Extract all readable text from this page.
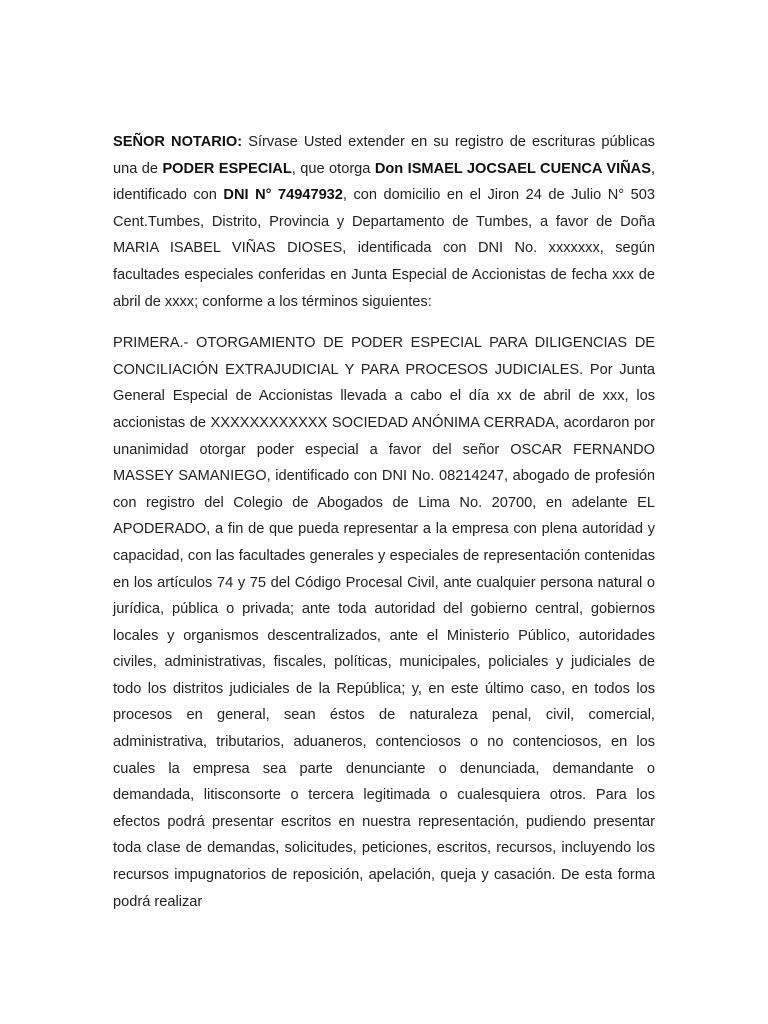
SEÑOR NOTARIO: Sírvase Usted extender en su registro de escrituras públicas una de PODER ESPECIAL, que otorga Don ISMAEL JOCSAEL CUENCA VIÑAS, identificado con DNI N° 74947932, con domicilio en el Jiron 24 de Julio N° 503 Cent.Tumbes, Distrito, Provincia y Departamento de Tumbes, a favor de Doña MARIA ISABEL VIÑAS DIOSES, identificada con DNI No. xxxxxxx, según facultades especiales conferidas en Junta Especial de Accionistas de fecha xxx de abril de xxxx; conforme a los términos siguientes:

PRIMERA.- OTORGAMIENTO DE PODER ESPECIAL PARA DILIGENCIAS DE CONCILIACIÓN EXTRAJUDICIAL Y PARA PROCESOS JUDICIALES. Por Junta General Especial de Accionistas llevada a cabo el día xx de abril de xxx, los accionistas de XXXXXXXXXXXX SOCIEDAD ANÓNIMA CERRADA, acordaron por unanimidad otorgar poder especial a favor del señor OSCAR FERNANDO MASSEY SAMANIEGO, identificado con DNI No. 08214247, abogado de profesión con registro del Colegio de Abogados de Lima No. 20700, en adelante EL APODERADO, a fin de que pueda representar a la empresa con plena autoridad y capacidad, con las facultades generales y especiales de representación contenidas en los artículos 74 y 75 del Código Procesal Civil, ante cualquier persona natural o jurídica, pública o privada; ante toda autoridad del gobierno central, gobiernos locales y organismos descentralizados, ante el Ministerio Público, autoridades civiles, administrativas, fiscales, políticas, municipales, policiales y judiciales de todo los distritos judiciales de la República; y, en este último caso, en todos los procesos en general, sean éstos de naturaleza penal, civil, comercial, administrativa, tributarios, aduaneros, contenciosos o no contenciosos, en los cuales la empresa sea parte denunciante o denunciada, demandante o demandada, litisconsorte o tercera legitimada o cualesquiera otros. Para los efectos podrá presentar escritos en nuestra representación, pudiendo presentar toda clase de demandas, solicitudes, peticiones, escritos, recursos, incluyendo los recursos impugnatorios de reposición, apelación, queja y casación. De esta forma podrá realizar
